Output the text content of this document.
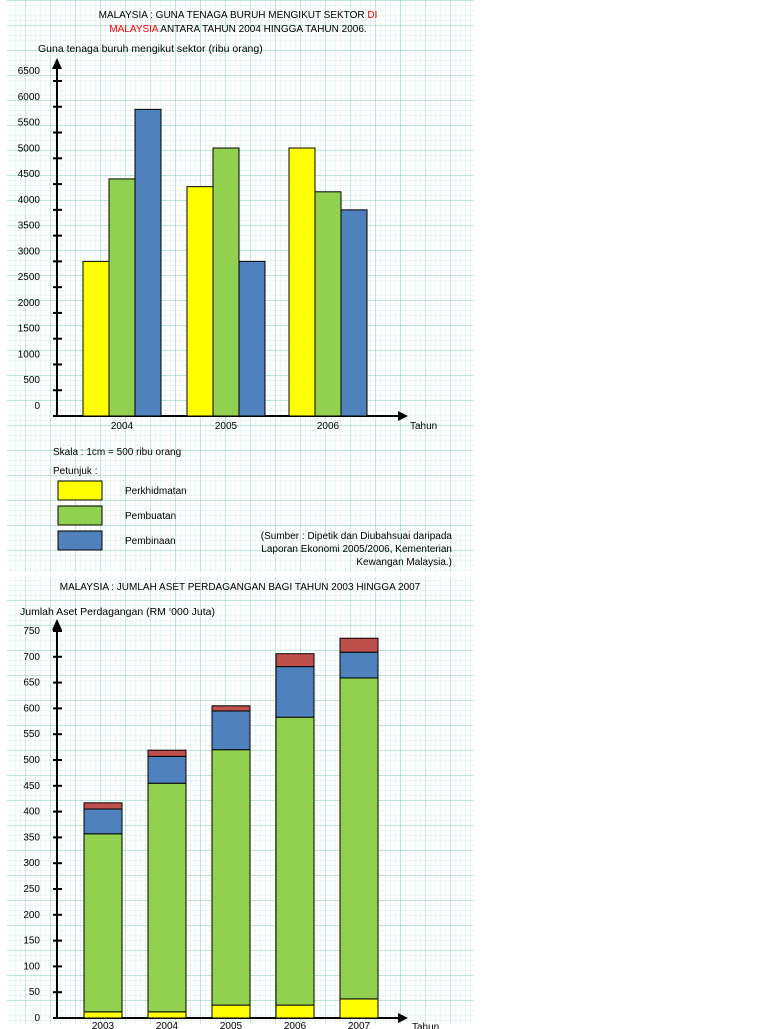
MALAYSIA : GUNA TENAGA BURUH MENGIKUT SEKTOR DI
MALAYSIA ANTARA TAHUN 2004 HINGGA TAHUN 2006.
Guna tenaga buruh mengikut sektor (ribu orang)
0
500
1000
1500
2000
2500
3000
3500
4000
4500
5000
5500
6000
6500
2004	2005	2006	Tahun
Skala : 1cm = 500 ribu orang
Petunjuk :
Perkhidmatan
Pembuatan
Pembinaan	(Sumber : Dipetik dan Diubahsuai daripada
Laporan Ekonomi 2005/2006, Kementerian
Kewangan Malaysia.)
MALAYSIA : JUMLAH ASET PERDAGANGAN BAGI TAHUN 2003 HINGGA 2007
Jumlah Aset Perdagangan (RM ‘000 Juta)
0
50
100
150
200
250
300
350
400
450
500
550
600
650
700
750
2003	2004	2005	2006	2007	Tahun
